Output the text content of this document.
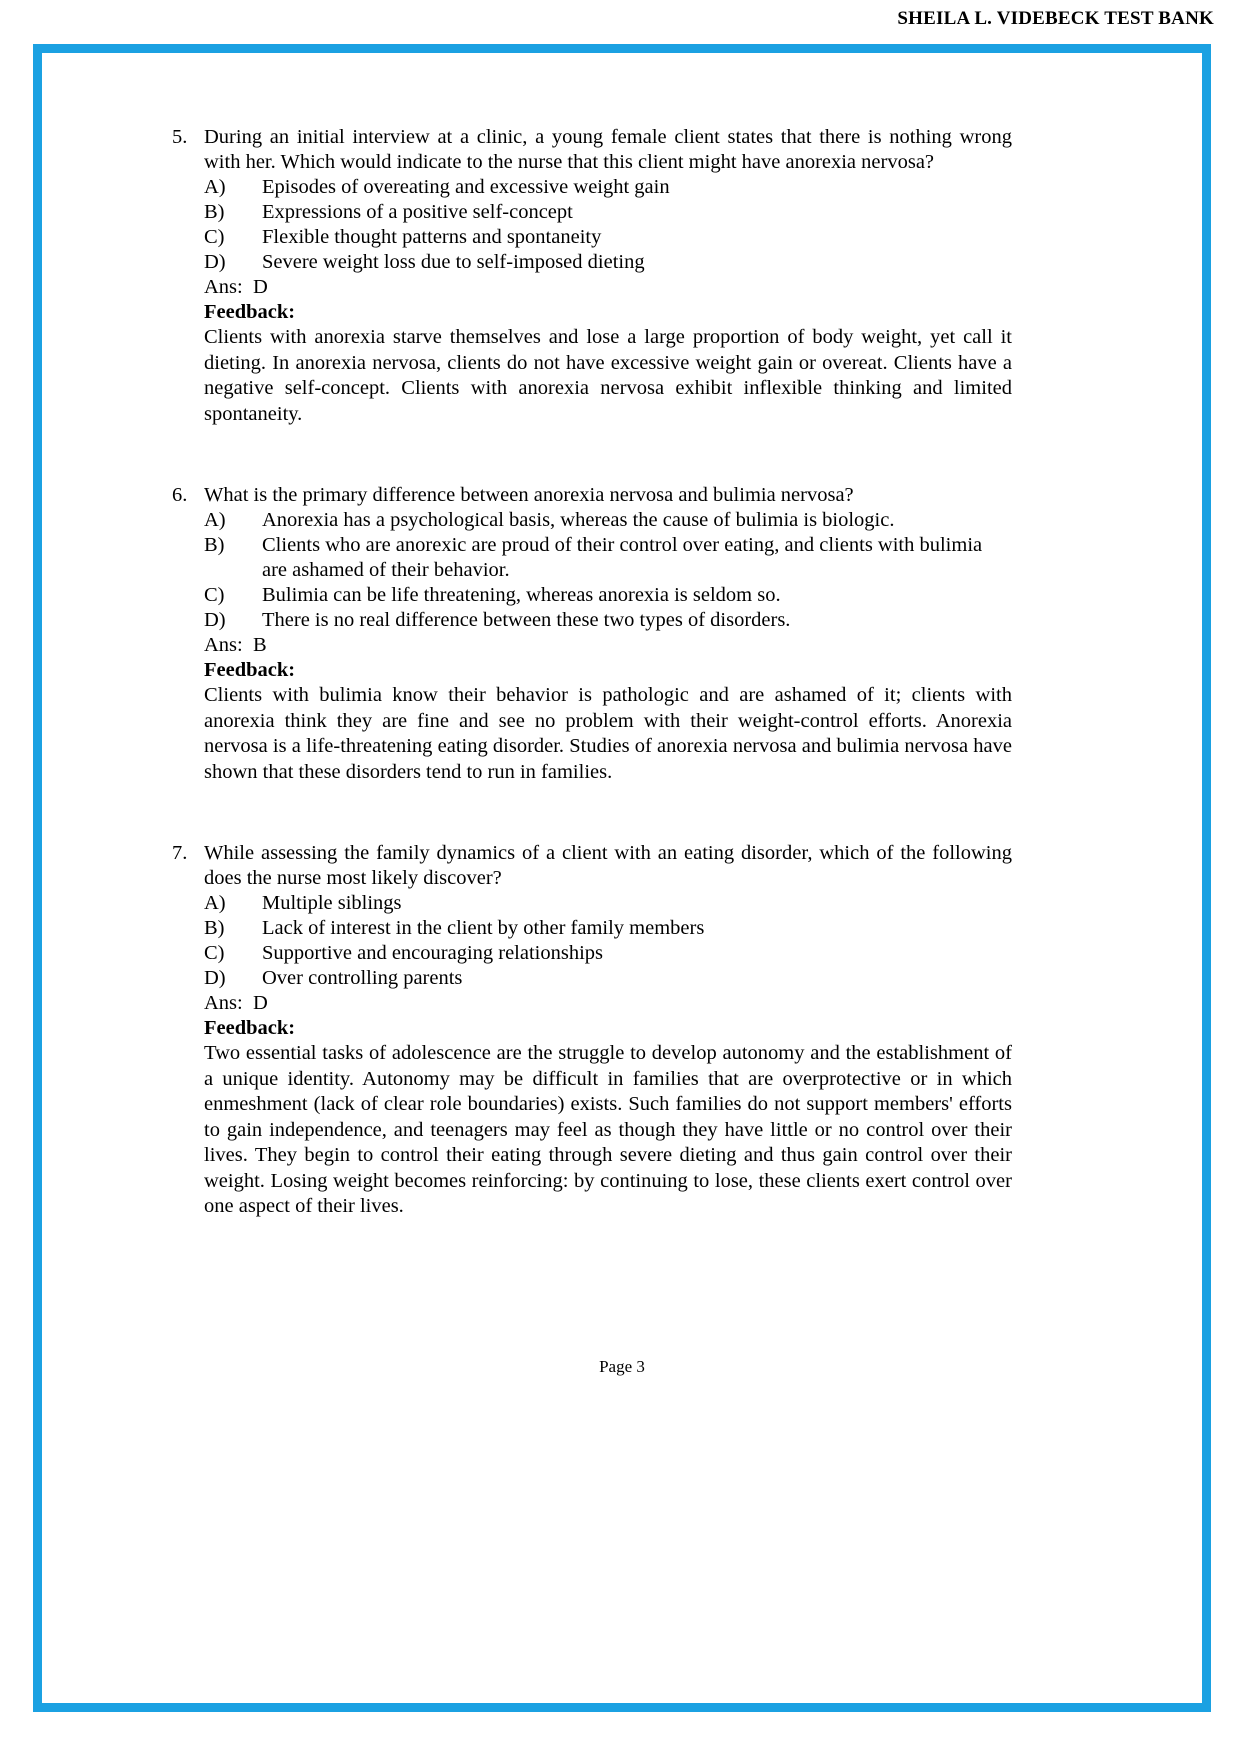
SHEILA L. VIDEBECK TEST BANK
5. During an initial interview at a clinic, a young female client states that there is nothing wrong with her. Which would indicate to the nurse that this client might have anorexia nervosa?
A)	Episodes of overeating and excessive weight gain
B)	Expressions of a positive self-concept
C)	Flexible thought patterns and spontaneity
D)	Severe weight loss due to self-imposed dieting
Ans:  D
Feedback:
Clients with anorexia starve themselves and lose a large proportion of body weight, yet call it dieting. In anorexia nervosa, clients do not have excessive weight gain or overeat. Clients have a negative self-concept. Clients with anorexia nervosa exhibit inflexible thinking and limited spontaneity.
6. What is the primary difference between anorexia nervosa and bulimia nervosa?
A)	Anorexia has a psychological basis, whereas the cause of bulimia is biologic.
B)	Clients who are anorexic are proud of their control over eating, and clients with bulimia are ashamed of their behavior.
C)	Bulimia can be life threatening, whereas anorexia is seldom so.
D)	There is no real difference between these two types of disorders.
Ans:  B
Feedback:
Clients with bulimia know their behavior is pathologic and are ashamed of it; clients with anorexia think they are fine and see no problem with their weight-control efforts. Anorexia nervosa is a life-threatening eating disorder. Studies of anorexia nervosa and bulimia nervosa have shown that these disorders tend to run in families.
7. While assessing the family dynamics of a client with an eating disorder, which of the following does the nurse most likely discover?
A)	Multiple siblings
B)	Lack of interest in the client by other family members
C)	Supportive and encouraging relationships
D)	Over controlling parents
Ans:  D
Feedback:
Two essential tasks of adolescence are the struggle to develop autonomy and the establishment of a unique identity. Autonomy may be difficult in families that are overprotective or in which enmeshment (lack of clear role boundaries) exists. Such families do not support members' efforts to gain independence, and teenagers may feel as though they have little or no control over their lives. They begin to control their eating through severe dieting and thus gain control over their weight. Losing weight becomes reinforcing: by continuing to lose, these clients exert control over one aspect of their lives.
Page 3
